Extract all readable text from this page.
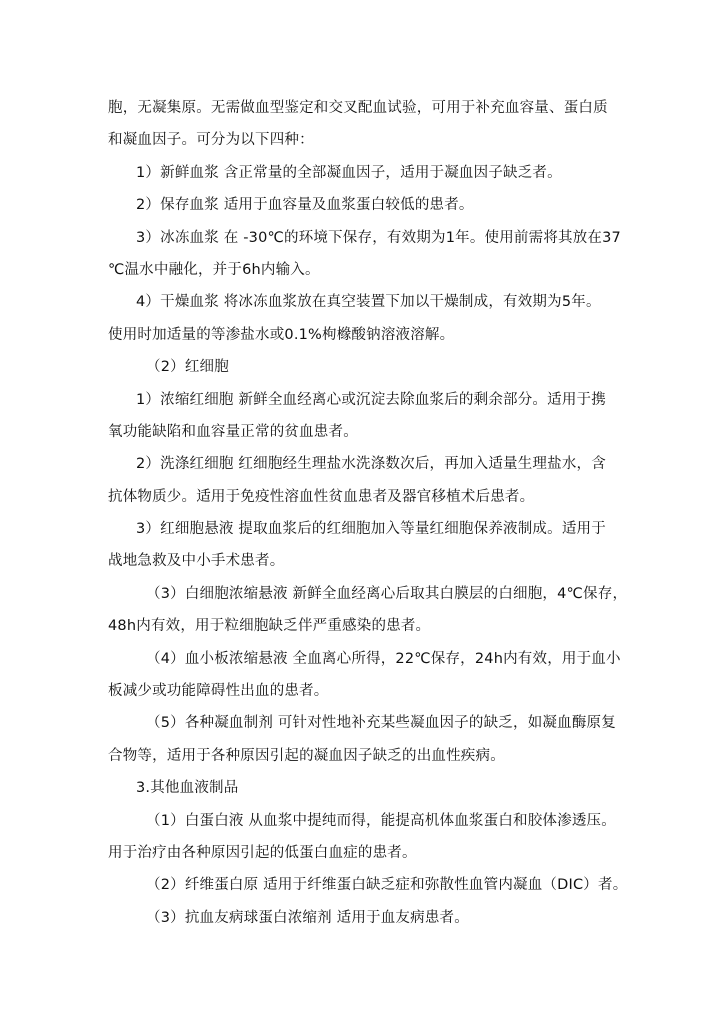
胞，无凝集原。无需做血型鉴定和交叉配血试验，可用于补充血容量、蛋白质
和凝血因子。可分为以下四种：
1）新鲜血浆 含正常量的全部凝血因子，适用于凝血因子缺乏者。
2）保存血浆 适用于血容量及血浆蛋白较低的患者。
3）冰冻血浆 在 -30℃的环境下保存，有效期为1年。使用前需将其放在37
℃温水中融化，并于6h内输入。
4）干燥血浆 将冰冻血浆放在真空装置下加以干燥制成，有效期为5年。
使用时加适量的等渗盐水或0.1%枸橼酸钠溶液溶解。
（2）红细胞
1）浓缩红细胞 新鲜全血经离心或沉淀去除血浆后的剩余部分。适用于携
氧功能缺陷和血容量正常的贫血患者。
2）洗涤红细胞 红细胞经生理盐水洗涤数次后，再加入适量生理盐水，含
抗体物质少。适用于免疫性溶血性贫血患者及器官移植术后患者。
3）红细胞悬液 提取血浆后的红细胞加入等量红细胞保养液制成。适用于
战地急救及中小手术患者。
（3）白细胞浓缩悬液 新鲜全血经离心后取其白膜层的白细胞，4℃保存，
48h内有效，用于粒细胞缺乏伴严重感染的患者。
（4）血小板浓缩悬液 全血离心所得，22℃保存，24h内有效，用于血小
板减少或功能障碍性出血的患者。
（5）各种凝血制剂 可针对性地补充某些凝血因子的缺乏，如凝血酶原复
合物等，适用于各种原因引起的凝血因子缺乏的出血性疾病。
3.其他血液制品
（1）白蛋白液 从血浆中提纯而得，能提高机体血浆蛋白和胶体渗透压。
用于治疗由各种原因引起的低蛋白血症的患者。
（2）纤维蛋白原 适用于纤维蛋白缺乏症和弥散性血管内凝血（DIC）者。
（3）抗血友病球蛋白浓缩剂 适用于血友病患者。
